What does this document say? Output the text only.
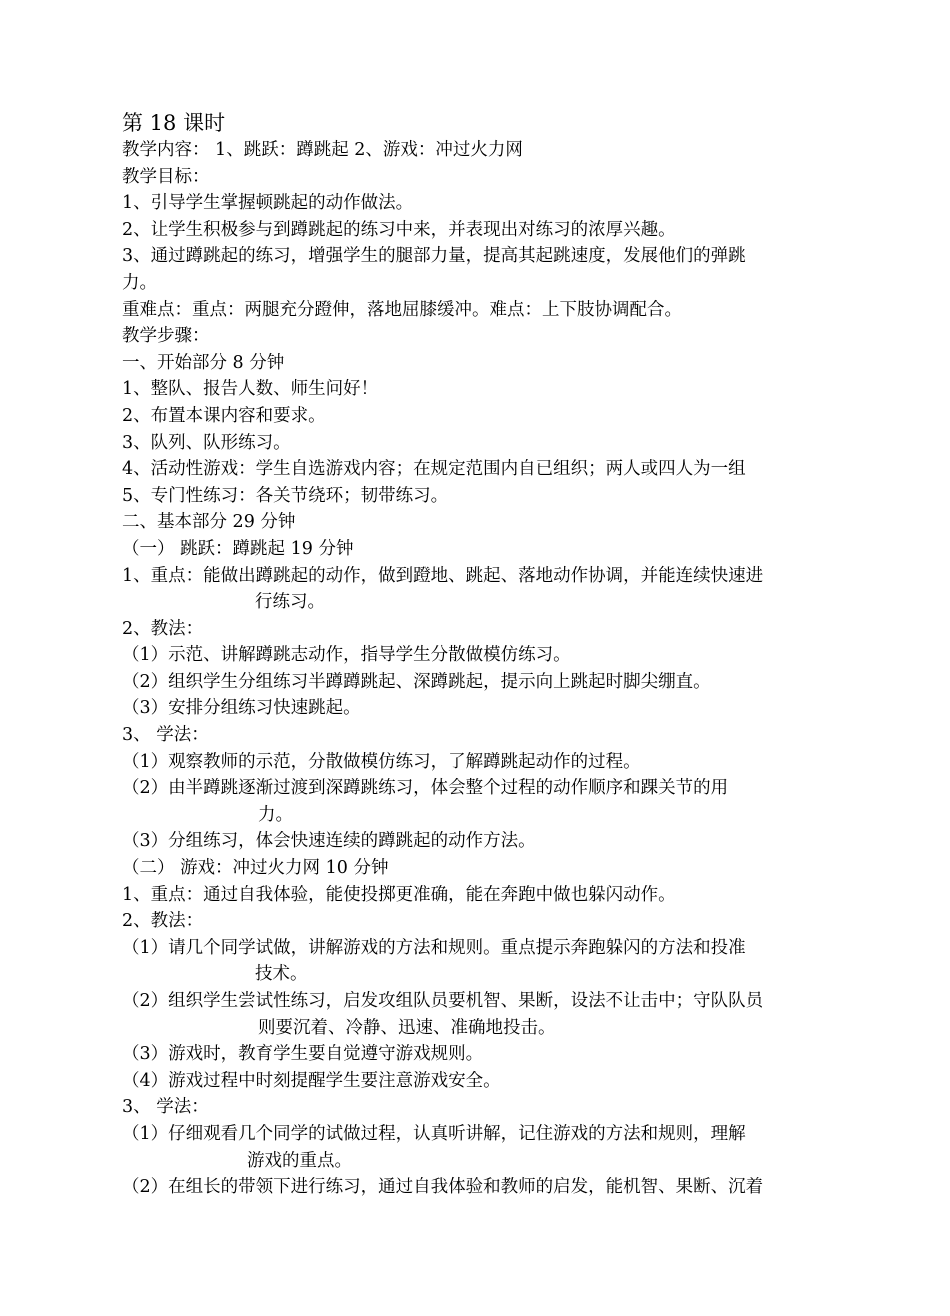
第 18 课时
教学内容： 1、跳跃：蹲跳起 2、游戏：冲过火力网
教学目标：
1、引导学生掌握顿跳起的动作做法。
2、让学生积极参与到蹲跳起的练习中来，并表现出对练习的浓厚兴趣。
3、通过蹲跳起的练习，增强学生的腿部力量，提高其起跳速度，发展他们的弹跳
力。
重难点：重点：两腿充分蹬伸，落地屈膝缓冲。难点：上下肢协调配合。
教学步骤：
一、开始部分 8 分钟
1、整队、报告人数、师生问好！
2、布置本课内容和要求。
3、队列、队形练习。
4、活动性游戏：学生自选游戏内容；在规定范围内自已组织；两人或四人为一组
5、专门性练习：各关节绕环；韧带练习。
二、基本部分 29 分钟
（一） 跳跃：蹲跳起 19 分钟
1、重点：能做出蹲跳起的动作，做到蹬地、跳起、落地动作协调，并能连续快速进
行练习。
2、教法：
（1）示范、讲解蹲跳志动作，指导学生分散做模仿练习。
（2）组织学生分组练习半蹲蹲跳起、深蹲跳起，提示向上跳起时脚尖绷直。
（3）安排分组练习快速跳起。
3、 学法：
（1）观察教师的示范，分散做模仿练习，了解蹲跳起动作的过程。
（2）由半蹲跳逐渐过渡到深蹲跳练习，体会整个过程的动作顺序和踝关节的用
力。
（3）分组练习，体会快速连续的蹲跳起的动作方法。
（二） 游戏：冲过火力网 10 分钟
1、重点：通过自我体验，能使投掷更准确，能在奔跑中做也躲闪动作。
2、教法：
（1）请几个同学试做，讲解游戏的方法和规则。重点提示奔跑躲闪的方法和投准
技术。
（2）组织学生尝试性练习，启发攻组队员要机智、果断，设法不让击中；守队队员
则要沉着、冷静、迅速、准确地投击。
（3）游戏时，教育学生要自觉遵守游戏规则。
（4）游戏过程中时刻提醒学生要注意游戏安全。
3、 学法：
（1）仔细观看几个同学的试做过程，认真听讲解，记住游戏的方法和规则，理解
游戏的重点。
（2）在组长的带领下进行练习，通过自我体验和教师的启发，能机智、果断、沉着
